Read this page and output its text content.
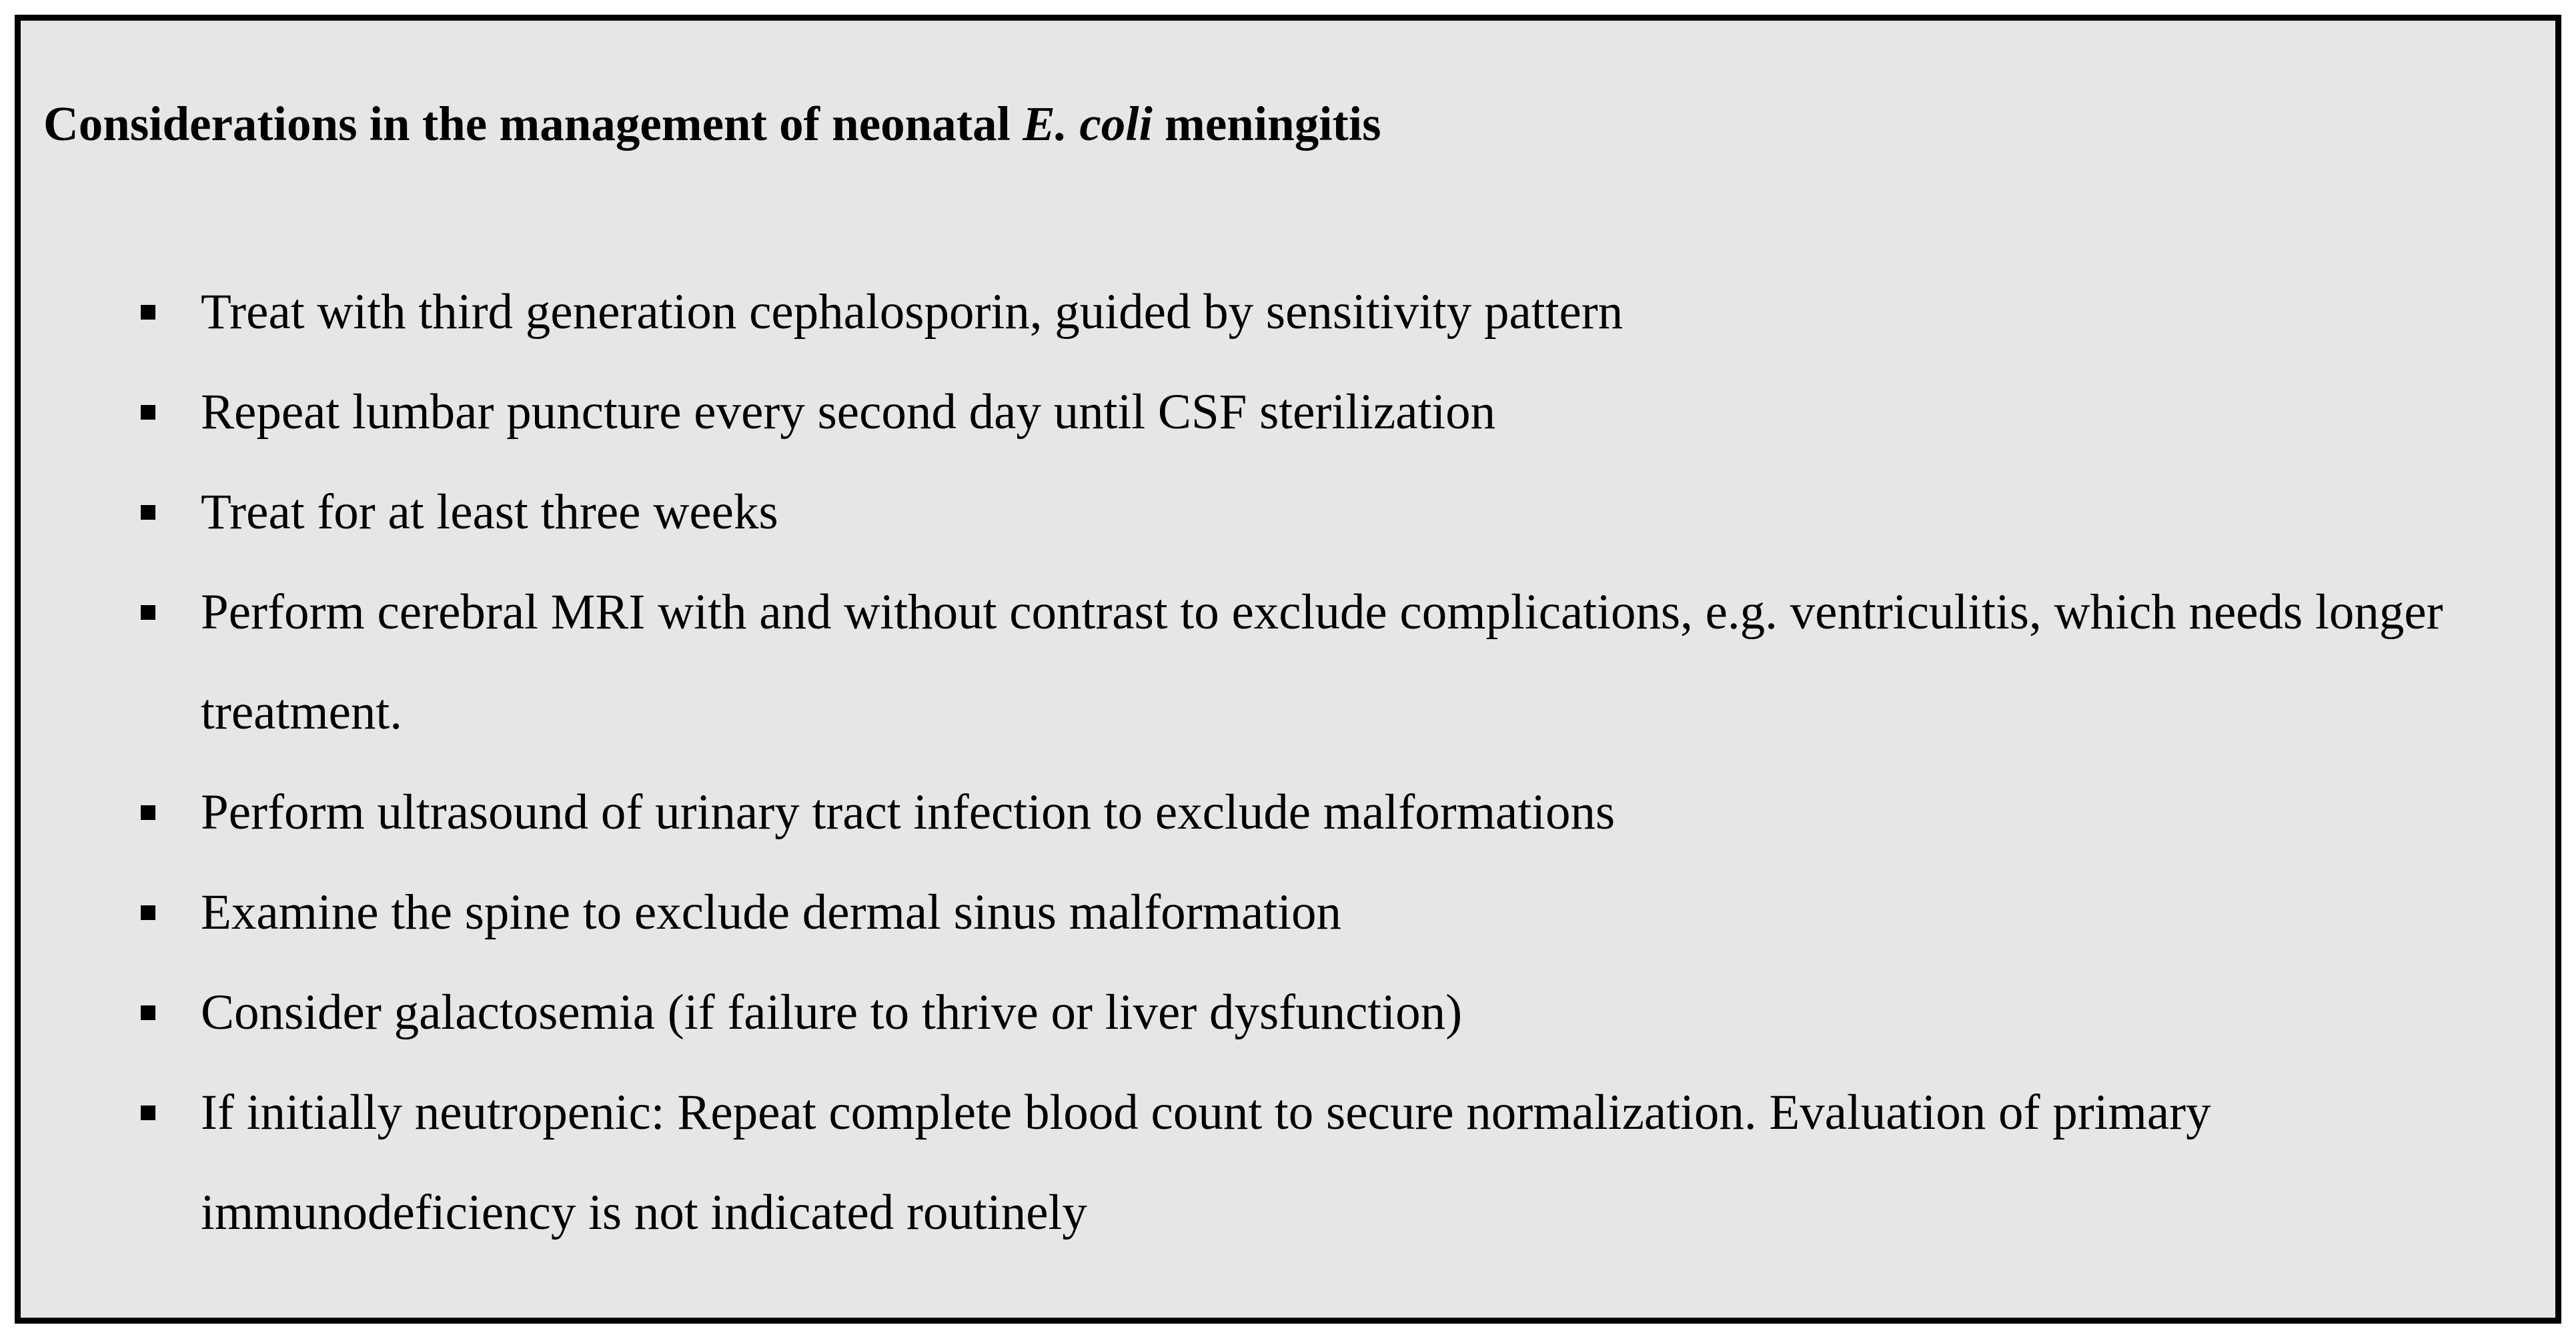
Considerations in the management of neonatal E. coli meningitis

Treat with third generation cephalosporin, guided by sensitivity pattern

Repeat lumbar puncture every second day until CSF sterilization

Treat for at least three weeks

Perform cerebral MRI with and without contrast to exclude complications, e.g. ventriculitis, which needs longer treatment.

Perform ultrasound of urinary tract infection to exclude malformations

Examine the spine to exclude dermal sinus malformation

Consider galactosemia (if failure to thrive or liver dysfunction)

If initially neutropenic: Repeat complete blood count to secure normalization. Evaluation of primary immunodeficiency is not indicated routinely
